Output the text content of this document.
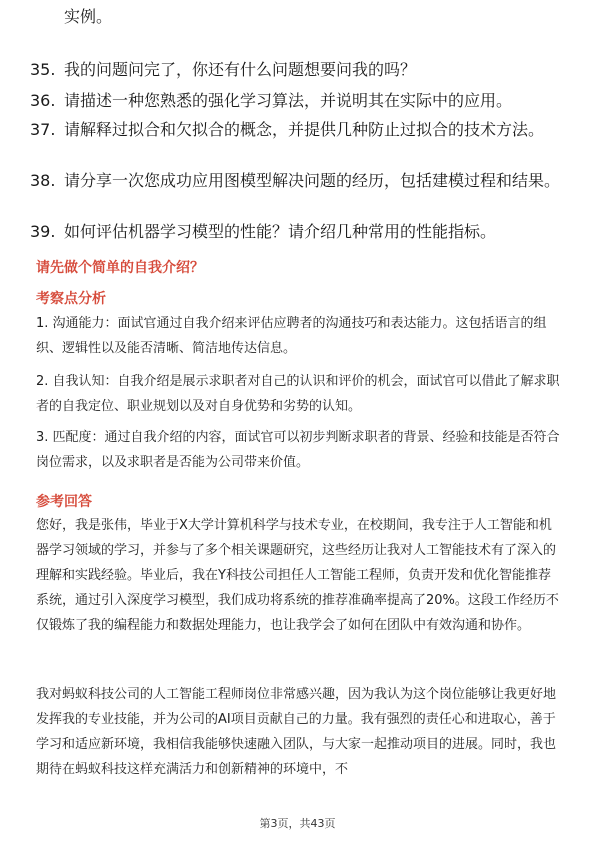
实例。
35. 我的问题问完了，你还有什么问题想要问我的吗？
36. 请描述一种您熟悉的强化学习算法，并说明其在实际中的应用。
37. 请解释过拟合和欠拟合的概念，并提供几种防止过拟合的技术方法。
38. 请分享一次您成功应用图模型解决问题的经历，包括建模过程和结果。
39. 如何评估机器学习模型的性能？请介绍几种常用的性能指标。
请先做个简单的自我介绍？
考察点分析
1. 沟通能力：面试官通过自我介绍来评估应聘者的沟通技巧和表达能力。这包括语言的组织、逻辑性以及能否清晰、简洁地传达信息。
2. 自我认知：自我介绍是展示求职者对自己的认识和评价的机会，面试官可以借此了解求职者的自我定位、职业规划以及对自身优势和劣势的认知。
3. 匹配度：通过自我介绍的内容，面试官可以初步判断求职者的背景、经验和技能是否符合岗位需求，以及求职者是否能为公司带来价值。
参考回答
您好，我是张伟，毕业于X大学计算机科学与技术专业，在校期间，我专注于人工智能和机器学习领域的学习，并参与了多个相关课题研究，这些经历让我对人工智能技术有了深入的理解和实践经验。毕业后，我在Y科技公司担任人工智能工程师，负责开发和优化智能推荐系统，通过引入深度学习模型，我们成功将系统的推荐准确率提高了20%。这段工作经历不仅锻炼了我的编程能力和数据处理能力，也让我学会了如何在团队中有效沟通和协作。
我对蚂蚁科技公司的人工智能工程师岗位非常感兴趣，因为我认为这个岗位能够让我更好地发挥我的专业技能，并为公司的AI项目贡献自己的力量。我有强烈的责任心和进取心，善于学习和适应新环境，我相信我能够快速融入团队，与大家一起推动项目的进展。同时，我也期待在蚂蚁科技这样充满活力和创新精神的环境中，不
第3页，共43页
